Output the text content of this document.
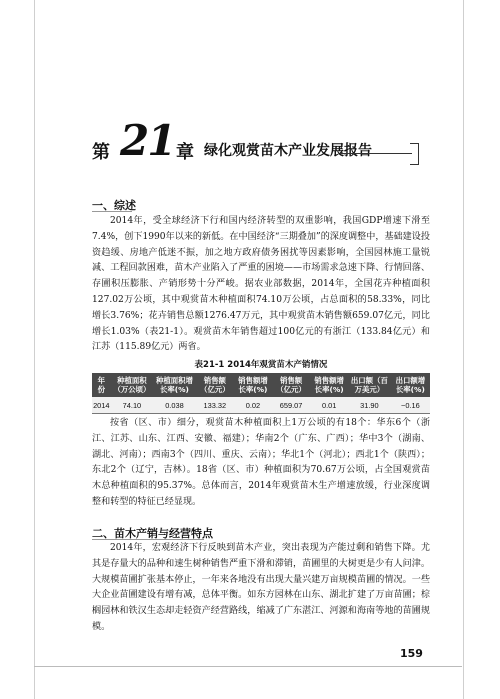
第 21 章 绿化观赏苗木产业发展报告
一、综述

2014年，受全球经济下行和国内经济转型的双重影响，我国GDP增速下滑至7.4%，创下1990年以来的新低。在中国经济“三期叠加”的深度调整中，基础建设投资趋缓、房地产低迷不振，加之地方政府债务困扰等因素影响，全国园林施工量锐减、工程回款困难，苗木产业陷入了严重的困境——市场需求急速下降、行情回落、存圃积压膨胀、产销形势十分严峻。据农业部数据，2014年，全国花卉种植面积127.02万公顷，其中观赏苗木种植面积74.10万公顷，占总面积的58.33%，同比增长3.76%；花卉销售总额1276.47万元，其中观赏苗木销售额659.07亿元，同比增长1.03%（表21-1）。观赏苗木年销售超过100亿元的有浙江（133.84亿元）和江苏（115.89亿元）两省。

表21-1 2014年观赏苗木产销情况
年份	种植面积（万公顷）	种植面积增长率(%)	销售额（亿元）	销售额增长率(%)	销售额（亿元）	销售额增长率(%)	出口额（百万美元）	出口额增长率(%)
2014	74.10	0.038	133.32	0.02	659.07	0.01	31.90	−0.16

按省（区、市）细分，观赏苗木种植面积上1万公顷的有18个：华东6个（浙江、江苏、山东、江西、安徽、福建）；华南2个（广东、广西）；华中3个（湖南、湖北、河南）；西南3个（四川、重庆、云南）；华北1个（河北）；西北1个（陕西）；东北2个（辽宁，吉林）。18省（区、市）种植面积为70.67万公顷，占全国观赏苗木总种植面积的95.37%。总体而言，2014年观赏苗木生产增速放缓，行业深度调整和转型的特征已经显现。

二、苗木产销与经营特点

2014年，宏观经济下行反映到苗木产业，突出表现为产能过剩和销售下降。尤其是存量大的品种和速生树种销售严重下滑和滞销，苗圃里的大树更是少有人问津。大规模苗圃扩张基本停止，一年来各地没有出现大量兴建万亩规模苗圃的情况。一些大企业苗圃建设有增有减，总体平衡。如东方园林在山东、湖北扩建了万亩苗圃；棕榈园林和铁汉生态却走轻资产经营路线，缩减了广东湛江、河源和海南等地的苗圃规模。

159
